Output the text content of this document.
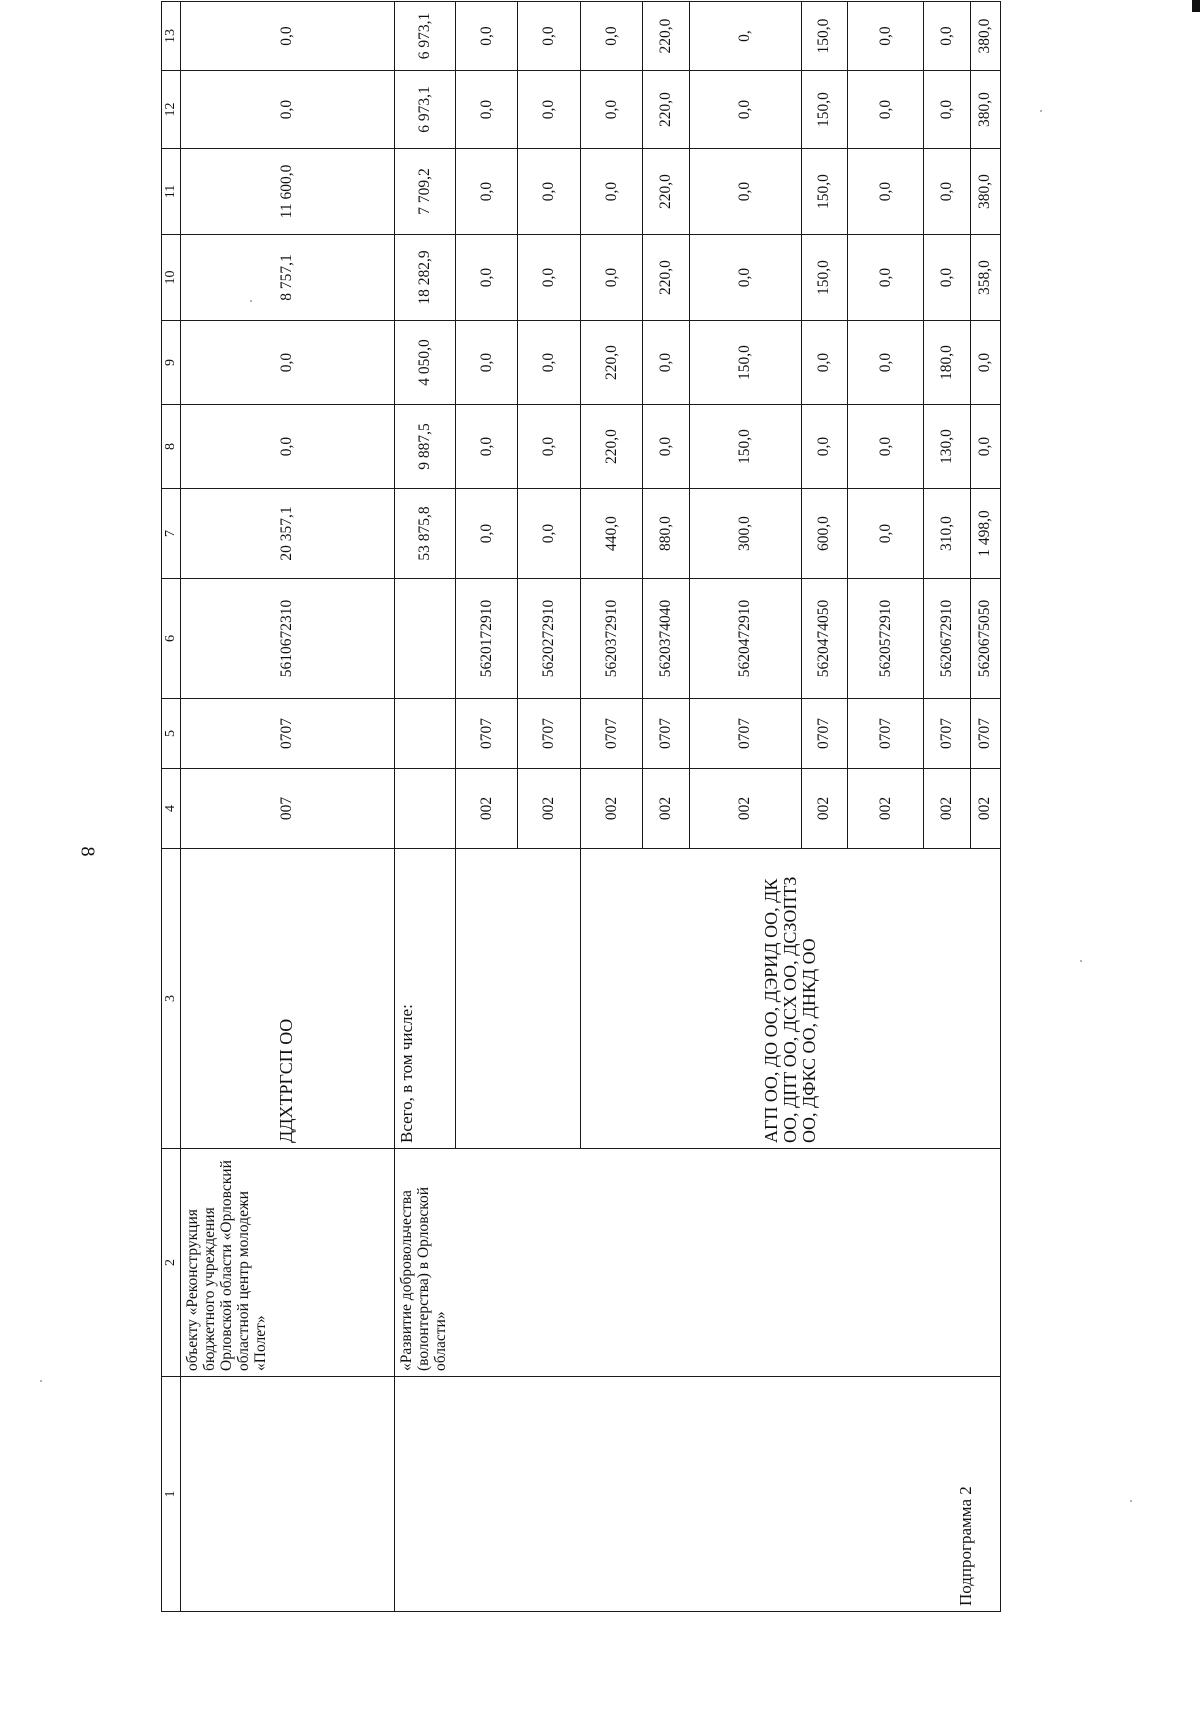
8
1	2	3	4	5	6	7	8	9	10	11	12	13
	объекту «Реконструкция бюджетного учреждения Орловской области «Орловский областной центр молодежи «Полет»	ДДХТРГСП ОО	007	0707	5610672310	20 357,1	0,0	0,0	8 757,1	11 600,0	0,0	0,0
Подпрограмма 2	«Развитие добровольчества (волонтерства) в Орловской области»	Всего, в том числе:				53 875,8	9 887,5	4 050,0	18 282,9	7 709,2	6 973,1	6 973,1
			002	0707	5620172910	0,0	0,0	0,0	0,0	0,0	0,0	0,0
			002	0707	5620272910	0,0	0,0	0,0	0,0	0,0	0,0	0,0
		АГП ОО, ДО ОО, ДЭРИД ОО, ДК ОО, ДПТ ОО, ДСХ ОО, ДСЗОПТЗ ОО, ДФКС ОО, ДНКД ОО	002	0707	5620372910	440,0	220,0	220,0	0,0	0,0	0,0	0,0
			002	0707	5620374040	880,0	0,0	0,0	220,0	220,0	220,0	220,0
			002	0707	5620472910	300,0	150,0	150,0	0,0	0,0	0,0	0,
			002	0707	5620474050	600,0	0,0	0,0	150,0	150,0	150,0	150,0
			002	0707	5620572910	0,0	0,0	0,0	0,0	0,0	0,0	0,0
			002	0707	5620672910	310,0	130,0	180,0	0,0	0,0	0,0	0,0
			002	0707	5620675050	1 498,0	0,0	0,0	358,0	380,0	380,0	380,0
